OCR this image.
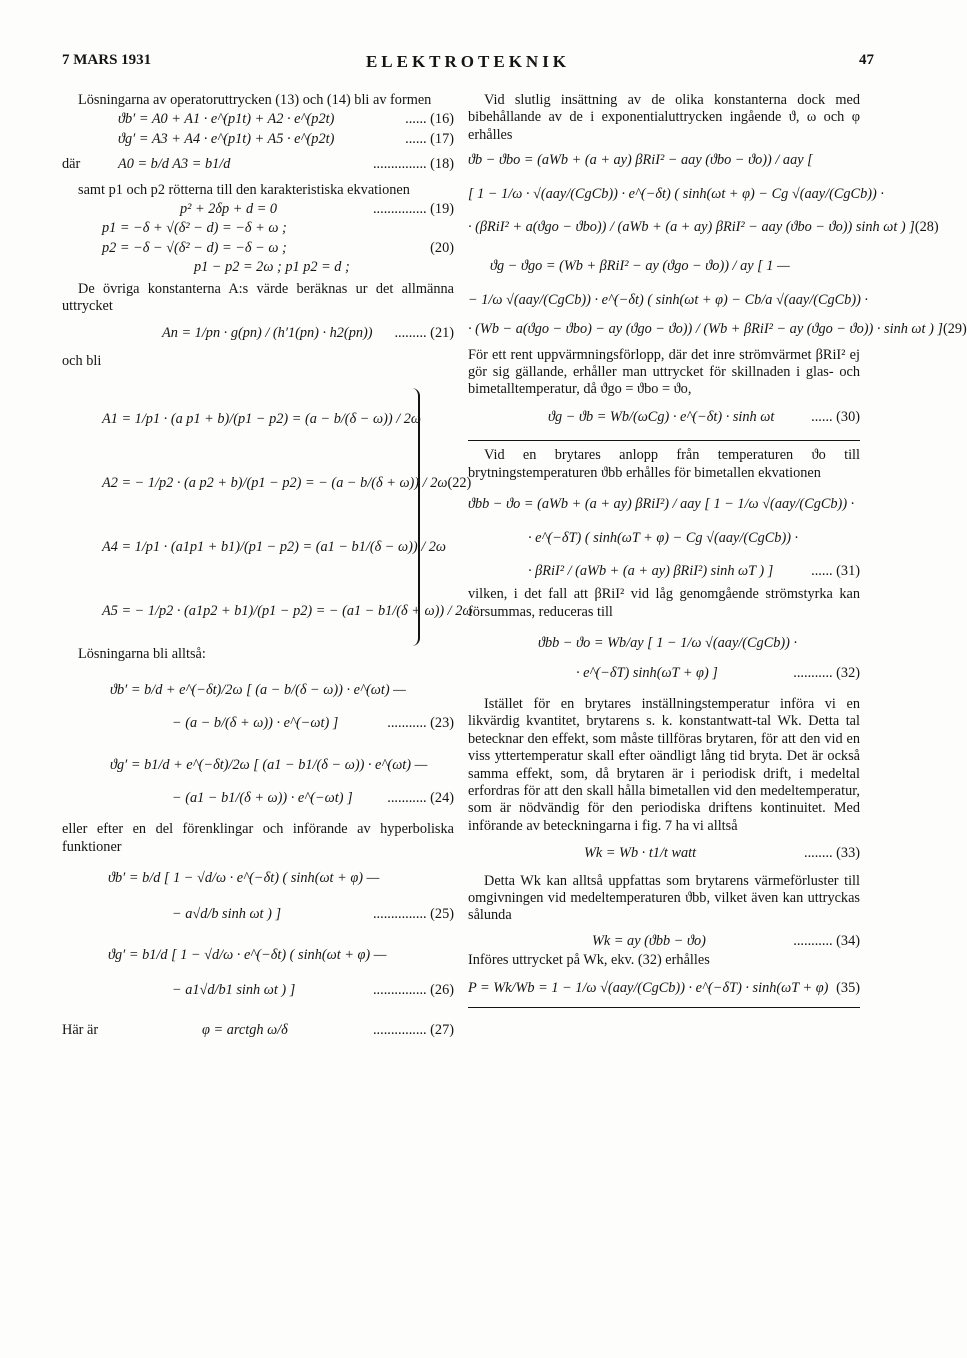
7 MARS 1931	ELEKTROTEKNIK	47

Lösningarna av operatoruttrycken (13) och (14) bli av formen

ϑb′ = A0 + A1 · e^(p1t) + A2 · e^(p2t)	...... (16)
ϑg′ = A3 + A4 · e^(p1t) + A5 · e^(p2t)	...... (17)
där	A0 = b/d A3 = b1/d	............... (18)

samt p1 och p2 rötterna till den karakteristiska ekvationen

p² + 2δp + d = 0	............... (19)
p1 = −δ + √(δ² − d) = −δ + ω ;
p2 = −δ − √(δ² − d) = −δ − ω ;	(20)
p1 − p2 = 2ω ; p1 p2 = d ;

De övriga konstanterna A:s värde beräknas ur det allmänna uttrycket

An = 1/pn · g(pn) / (h′1(pn) · h2(pn))	......... (21)

och bli

A1 = 1/p1 · (a p1 + b)/(p1 − p2) = (a − b/(δ − ω)) / 2ω
A2 = − 1/p2 · (a p2 + b)/(p1 − p2) = − (a − b/(δ + ω)) / 2ω (22)
A4 = 1/p1 · (a1p1 + b1)/(p1 − p2) = (a1 − b1/(δ − ω)) / 2ω
A5 = − 1/p2 · (a1p2 + b1)/(p1 − p2) = − (a1 − b1/(δ + ω)) / 2ω

Lösningarna bli alltså:

ϑb′ = b/d + e^(−δt)/2ω [ (a − b/(δ − ω)) · e^(ωt) —
− (a − b/(δ + ω)) · e^(−ωt) ]	........... (23)
ϑg′ = b1/d + e^(−δt)/2ω [ (a1 − b1/(δ − ω)) · e^(ωt) —
− (a1 − b1/(δ + ω)) · e^(−ωt) ]	........... (24)

eller efter en del förenklingar och införande av hyperboliska funktioner

ϑb′ = b/d [ 1 − √d/ω · e^(−δt) ( sinh(ωt + φ) —
− a√d/b sinh ωt ) ]	............... (25)
ϑg′ = b1/d [ 1 − √d/ω · e^(−δt) ( sinh(ωt + φ) —
− a1√d/b1 sinh ωt ) ]	............... (26)
Här är	φ = arctgh ω/δ	............... (27)

Vid slutlig insättning av de olika konstanterna dock med bibehållande av de i exponentialuttrycken ingående ϑ, ω och φ erhålles

ϑb − ϑbo = (aWb + (a + ay) βRiI² − aay (ϑbo − ϑo)) / aay [
[ 1 − 1/ω · √(aay/(CgCb)) · e^(−δt) ( sinh(ωt + φ) − Cg √(aay/(CgCb)) ·
· (βRiI² + a(ϑgo − ϑbo)) / (aWb + (a + ay) βRiI² − aay (ϑbo − ϑo)) sinh ωt ) ] (28)
ϑg − ϑgo = (Wb + βRiI² − ay (ϑgo − ϑo)) / ay [ 1 —
− 1/ω √(aay/(CgCb)) · e^(−δt) ( sinh(ωt + φ) − Cb/a √(aay/(CgCb)) ·
· (Wb − a(ϑgo − ϑbo) − ay (ϑgo − ϑo)) / (Wb + βRiI² − ay (ϑgo − ϑo)) · sinh ωt ) ] (29)

För ett rent uppvärmningsförlopp, där det inre strömvärmet βRiI² ej gör sig gällande, erhåller man uttrycket för skillnaden i glas- och bimetalltemperatur, då ϑgo = ϑbo = ϑo,

ϑg − ϑb = Wb/(ωCg) · e^(−δt) · sinh ωt	...... (30)

Vid en brytares anlopp från temperaturen ϑo till brytningstemperaturen ϑbb erhålles för bimetallen ekvationen

ϑbb − ϑo = (aWb + (a + ay) βRiI²) / aay [ 1 − 1/ω √(aay/(CgCb)) ·
· e^(−δT) ( sinh(ωT + φ) − Cg √(aay/(CgCb)) ·
· βRiI² / (aWb + (a + ay) βRiI²) sinh ωT ) ]	...... (31)

vilken, i det fall att βRiI² vid låg genomgående strömstyrka kan försummas, reduceras till

ϑbb − ϑo = Wb/ay [ 1 − 1/ω √(aay/(CgCb)) ·
· e^(−δT) sinh(ωT + φ) ]	........... (32)

Istället för en brytares inställningstemperatur införa vi en likvärdig kvantitet, brytarens s. k. konstantwatt-tal Wk. Detta tal betecknar den effekt, som måste tillföras brytaren, för att den vid en viss yttertemperatur skall efter oändligt lång tid bryta. Det är också samma effekt, som, då brytaren är i periodisk drift, i medeltal erfordras för att den skall hålla bimetallen vid den medeltemperatur, som är nödvändig för den periodiska driftens kontinuitet. Med införande av beteckningarna i fig. 7 ha vi alltså

Wk = Wb · t1/t watt	........ (33)

Detta Wk kan alltså uppfattas som brytarens värmeförluster till omgivningen vid medeltemperaturen ϑbb, vilket även kan uttryckas sålunda

Wk = ay (ϑbb − ϑo)	........... (34)

Införes uttrycket på Wk, ekv. (32) erhålles

P = Wk/Wb = 1 − 1/ω √(aay/(CgCb)) · e^(−δT) · sinh(ωT + φ) (35)
